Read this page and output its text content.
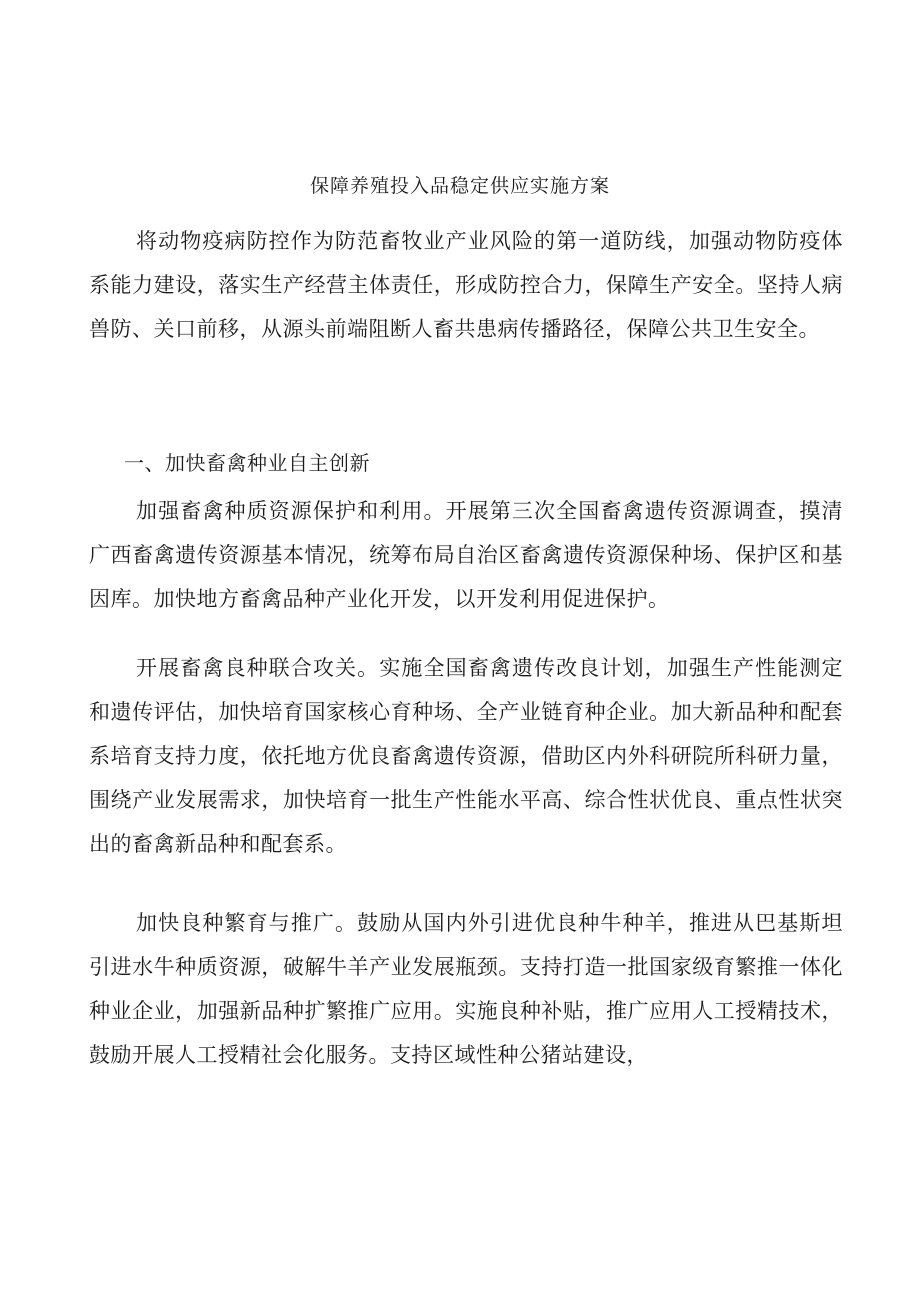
保障养殖投入品稳定供应实施方案

将动物疫病防控作为防范畜牧业产业风险的第一道防线，加强动物防疫体系能力建设，落实生产经营主体责任，形成防控合力，保障生产安全。坚持人病兽防、关口前移，从源头前端阻断人畜共患病传播路径，保障公共卫生安全。

一、加快畜禽种业自主创新

加强畜禽种质资源保护和利用。开展第三次全国畜禽遗传资源调查，摸清广西畜禽遗传资源基本情况，统筹布局自治区畜禽遗传资源保种场、保护区和基因库。加快地方畜禽品种产业化开发，以开发利用促进保护。

开展畜禽良种联合攻关。实施全国畜禽遗传改良计划，加强生产性能测定和遗传评估，加快培育国家核心育种场、全产业链育种企业。加大新品种和配套系培育支持力度，依托地方优良畜禽遗传资源，借助区内外科研院所科研力量，围绕产业发展需求，加快培育一批生产性能水平高、综合性状优良、重点性状突出的畜禽新品种和配套系。

加快良种繁育与推广。鼓励从国内外引进优良种牛种羊，推进从巴基斯坦引进水牛种质资源，破解牛羊产业发展瓶颈。支持打造一批国家级育繁推一体化种业企业，加强新品种扩繁推广应用。实施良种补贴，推广应用人工授精技术，鼓励开展人工授精社会化服务。支持区域性种公猪站建设，
